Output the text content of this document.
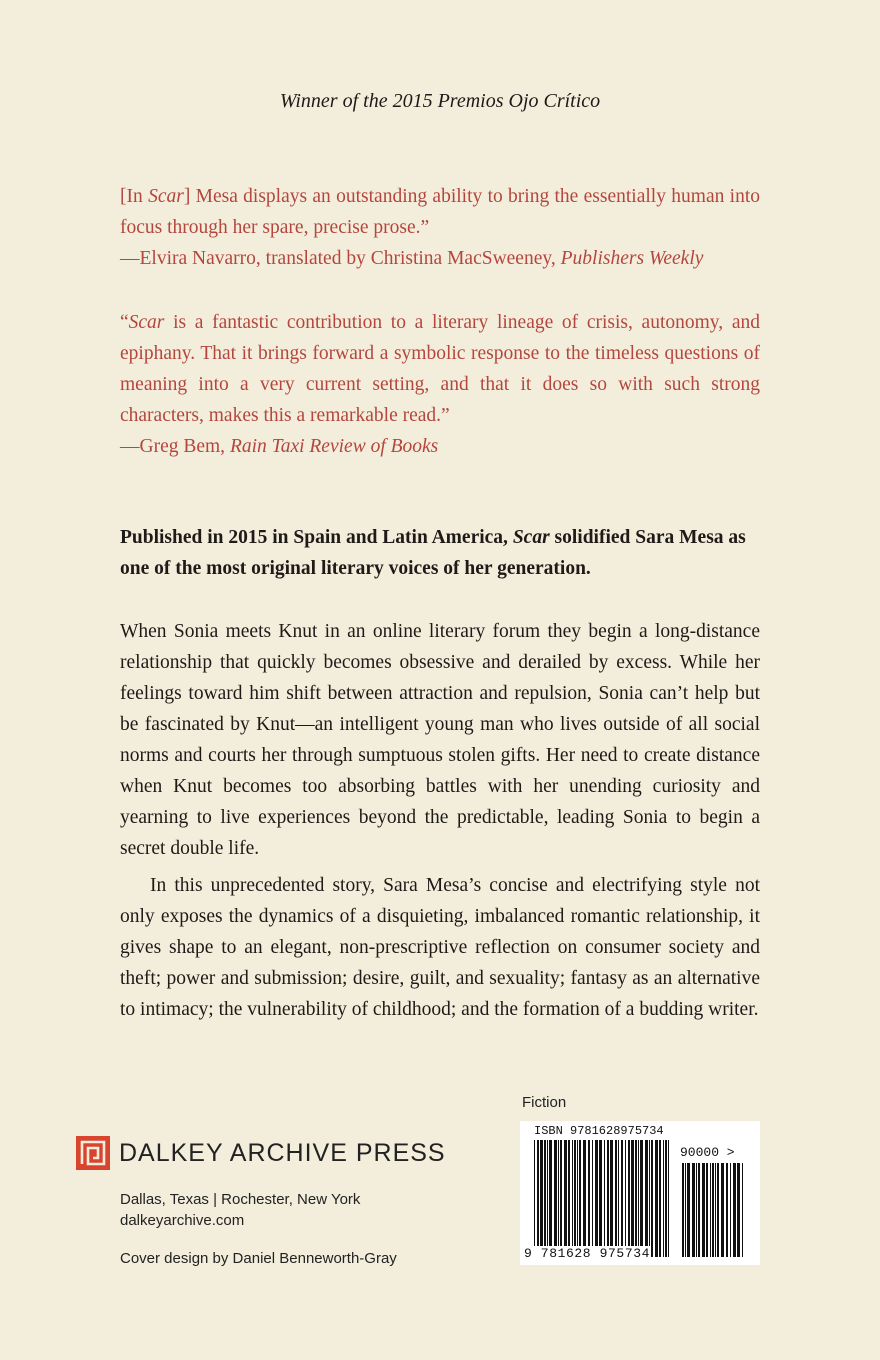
Winner of the 2015 Premios Ojo Crítico

[In Scar] Mesa displays an outstanding ability to bring the essentially human into focus through her spare, precise prose.”

—Elvira Navarro, translated by Christina MacSweeney, Publishers Weekly

“Scar is a fantastic contribution to a literary lineage of crisis, autonomy, and epiphany. That it brings forward a symbolic response to the timeless questions of meaning into a very current setting, and that it does so with such strong characters, makes this a remarkable read.”

—Greg Bem, Rain Taxi Review of Books

Published in 2015 in Spain and Latin America, Scar solidified Sara Mesa as one of the most original literary voices of her generation.

When Sonia meets Knut in an online literary forum they begin a long-distance relationship that quickly becomes obsessive and derailed by excess. While her feelings toward him shift between attraction and repulsion, Sonia can’t help but be fascinated by Knut—an intelligent young man who lives outside of all social norms and courts her through sumptuous stolen gifts. Her need to create distance when Knut becomes too absorbing battles with her unending curiosity and yearning to live experiences beyond the predictable, leading Sonia to begin a secret double life.

In this unprecedented story, Sara Mesa’s concise and electrifying style not only exposes the dynamics of a disquieting, imbalanced romantic relationship, it gives shape to an elegant, non-prescriptive reflection on consumer society and theft; power and submission; desire, guilt, and sexuality; fantasy as an alternative to intimacy; the vulnerability of childhood; and the formation of a budding writer.

Fiction
DALKEY ARCHIVE PRESS
Dallas, Texas | Rochester, New York
dalkeyarchive.com
Cover design by Daniel Benneworth-Gray
ISBN 9781628975734
9 781628 975734
90000 >
